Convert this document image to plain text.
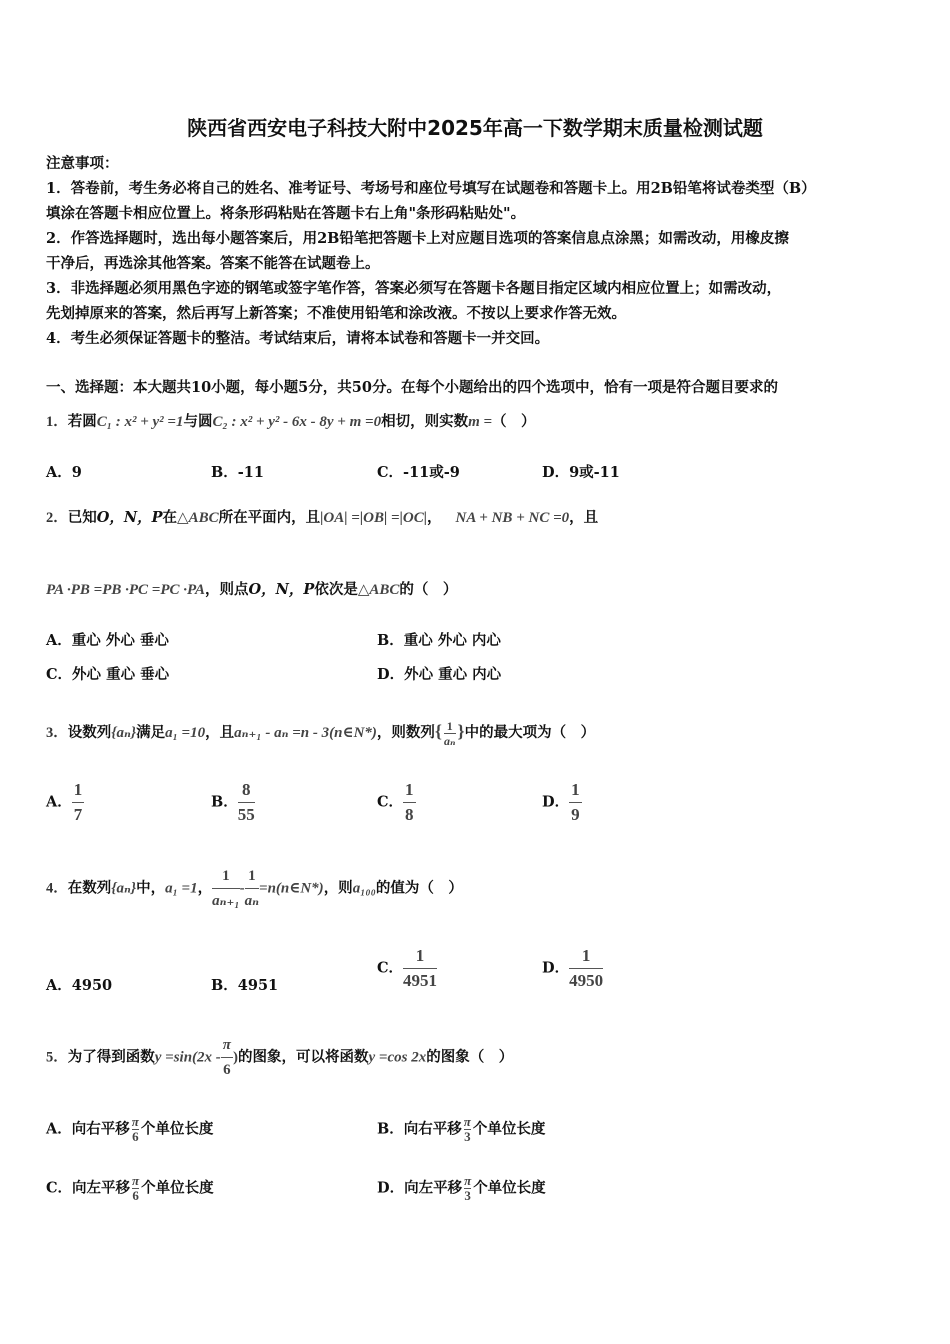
陕西省西安电子科技大附中2025年高一下数学期末质量检测试题
注意事项：
1．答卷前，考生务必将自己的姓名、准考证号、考场号和座位号填写在试题卷和答题卡上。用2B铅笔将试卷类型（B）
填涂在答题卡相应位置上。将条形码粘贴在答题卡右上角"条形码粘贴处"。
2．作答选择题时，选出每小题答案后，用2B铅笔把答题卡上对应题目选项的答案信息点涂黑；如需改动，用橡皮擦
干净后，再选涂其他答案。答案不能答在试题卷上。
3．非选择题必须用黑色字迹的钢笔或签字笔作答，答案必须写在答题卡各题目指定区域内相应位置上；如需改动，
先划掉原来的答案，然后再写上新答案；不准使用铅笔和涂改液。不按以上要求作答无效。
4．考生必须保证答题卡的整洁。考试结束后，请将本试卷和答题卡一并交回。
一、选择题：本大题共10小题，每小题5分，共50分。在每个小题给出的四个选项中，恰有一项是符合题目要求的
1．若圆C₁ : x² + y² =1与圆C₂ : x² + y² - 6x - 8y + m =0相切，则实数m =（　）
A．9	B．-11	C．-11或-9	D．9或-11
2．已知O，N，P在△ABC所在平面内，且|OA| =|OB| =|OC|， NA + NB + NC =0，且
PA ·PB =PB ·PC =PC ·PA，则点O，N，P依次是△ABC的（　）
A．重心 外心 垂心	B．重心 外心 内心
C．外心 重心 垂心	D．外心 重心 内心
3．设数列{aₙ}满足a₁ =10，且aₙ₊₁ - aₙ =n - 3(n∈N*)，则数列{ $\frac{1}{\text{aₙ}}$ }中的最大项为（　）
A． $\frac{1}{7}$	B． $\frac{8}{55}$	C． $\frac{1}{8}$	D． $\frac{1}{9}$
4．在数列{aₙ}中，a₁ =1， $\frac{1}{\text{aₙ₊₁}} - \frac{1}{\text{aₙ}}$ =n(n∈N*)，则a₁₀₀的值为（　）
A．4950	B．4951
C． $\frac{1}{4951}$	D． $\frac{1}{4950}$
5．为了得到函数$y =\sin(2x - \frac{\pi}{6}$ )的图象，可以将函数y =cos 2x的图象（　）
A．向右平移 $\frac{\pi}{6}$ 个单位长度	B．向右平移 $\frac{\pi}{3}$ 个单位长度
C．向左平移 $\frac{\pi}{6}$ 个单位长度	D．向左平移 $\frac{\pi}{3}$ 个单位长度
